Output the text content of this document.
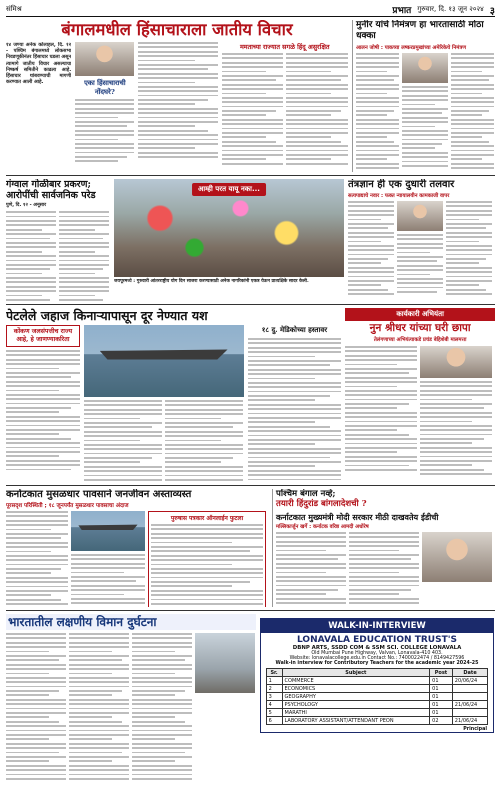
संमिश्र	प्रभात गुरुवार, दि. १३ जून २०२४ ३
बंगालमधील हिंसाचाराला जातीय विचार
१४ जण्या अनेक कोलाहल, दि. १२ - पश्चिम बंगालमध्ये लोकसभा निवडणूकीनंतर हिंसाचार घडला असून त्यामागे जातीय विचार असल्याचा निष्कर्ष समितीने काढला आहे. हिंसाचार थांबवण्याची मागणी करण्यात आली आहे.	एका हिंसाचाराची नोंदघरे?
ममताच्या राज्यात सगळे हिंदू असुरक्षित
मुनीर यांचे निमंत्रण हा भारतासाठी मोठा धक्का
आलन जोषी : पाकच्या लष्करप्रमुखांच्या अमेरिकेचे निमंत्रण
गंग्वाल गोळीबार प्रकरण;
आरोपींची सार्वजनिक परेड
पुणे, दि. १२ - अनूसार
आम्ही परत यायू नका...
जयपूरमध्ये : गुरुवारी आंतरराष्ट्रीय योग दिन साजरा करण्यासाठी अनेक नागरिकांनी एकत्र येऊन प्रात्यक्षिके सादर केली.
तंत्रज्ञान ही एक दुधारी तलवार
सत्यपाद्याचे नवार : फक्त न्यायालयीन कामकाजी वापर
पेटलेले जहाज किनाऱ्यापासून दूर नेण्यात यश
कोंकण जलसंपत्तीच राज्य आहे, हे जाणण्याकरिता
१८ दु. मेडिकोच्या हस्तावर
कार्यकारी अभियंता
नुन श्रीधर यांच्या घरी छापा
तेलंगणाच्या अभियंत्याकडे प्रचंड बेहिशेबी मालमत्ता
कर्नाटकात मुसळधार पावसाने जनजीवन अस्ताव्यस्त
पूरसदृश परिस्थिती ; १८ जूनपर्यंत मुसळधार पावसाचा अंदाज
पुरुषास पत्रकार ऑनलाईन फुटला
पश्चिम बंगाल नव्हे;
तयारी हिंदुरांड बांगलादेशची ?
कर्नाटकात मुख्यमंत्री मोदी सरकार मीठी दाखवतेय ईडीची
मल्लिकार्जुन खर्गे : कर्नाटक वरिष्ठ आमदी अधोरेष
भारतातील लक्षणीय विमान दुर्घटना	WALK-IN-INTERVIEW
LONAVALA EDUCATION TRUST'S
DBNP ARTS, SSDD COM & SSM SCI. COLLEGE LONAVALA
Old Mumbai Pune Highway, Valvan, Lonavala-410 403.
Website: lonavalacollege.edu.in Contact No.: 7400022474 / 8149427596
Walk-in interview for Contributory Teachers for the academic year 2024-25
Sr.	Subject	Post	Date
1	COMMERCE	01	20/06/24
2	ECONOMICS	01	
3	GEOGRAPHY	01	
4	PSYCHOLOGY	01	21/06/24
5	MARATHI	01	
6	LABORATORY ASSISTANT/ATTENDANT PEON	02	21/06/24
Principal
